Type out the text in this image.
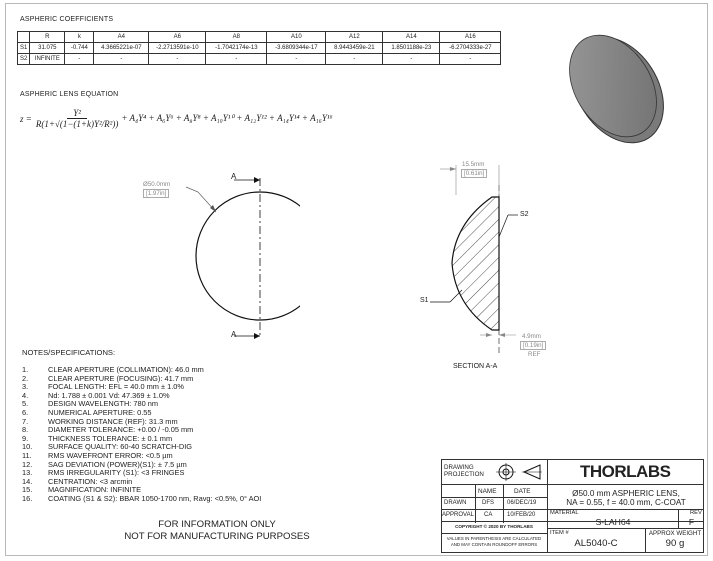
ASPHERIC COEFFICIENTS
	R	k	A4	A6	A8	A10	A12	A14	A16
S1	31.075	-0.744	4.3665221e-07	-2.2713591e-10	-1.7042174e-13	-3.6809344e-17	8.9443459e-21	1.8501188e-23	-6.2704333e-27
S2	INFINITE	-	-	-	-	-	-	-	-
ASPHERIC LENS EQUATION
$z = \frac{\text{Y²}}{\text{R(1+√(1−(1+k)Y²/R²))}} + A_4Y^4 + A_6Y^6 + A_8Y^8 + A_{10}Y^{10} + A_{12}Y^{12} + A_{14}Y^{14} + A_{16}Y^{16}$
A
A
Ø50.0mm
[1.97in]
15.5mm
[0.61in]
4.9mm
[0.19in]
REF
S1
S2
SECTION A-A
NOTES/SPECIFICATIONS:
1.	CLEAR APERTURE (COLLIMATION): 46.0 mm
2.	CLEAR APERTURE (FOCUSING): 41.7 mm
3.	FOCAL LENGTH: EFL = 40.0 mm ± 1.0%
4.	Nd: 1.788 ± 0.001 Vd: 47.369 ± 1.0%
5.	DESIGN WAVELENGTH: 780 nm
6.	NUMERICAL APERTURE: 0.55
7.	WORKING DISTANCE (REF): 31.3 mm
8.	DIAMETER TOLERANCE: +0.00 / -0.05 mm
9.	THICKNESS TOLERANCE: ± 0.1 mm
10.	SURFACE QUALITY: 60-40 SCRATCH-DIG
11.	RMS WAVEFRONT ERROR: <0.5 µm
12.	SAG DEVIATION (POWER)(S1): ± 7.5 µm
13.	RMS IRREGULARITY (S1): <3 FRINGES
14.	CENTRATION: <3 arcmin
15.	MAGNIFICATION: INFINITE
16.	COATING (S1 & S2): BBAR 1050-1700 nm, Ravg: <0.5%, 0° AOI
FOR INFORMATION ONLY
NOT FOR MANUFACTURING PURPOSES
DRAWING PROJECTION	THORLABS
NAME	DATE
DRAWN	DFS 06/DEC/19
APPROVAL CA 10/FEB/20
COPYRIGHT © 2020 BY THORLABS
VALUES IN PARENTHESIS ARE CALCULATED AND MAY CONTAIN ROUNDOFF ERRORS
Ø50.0 mm ASPHERIC LENS,
NA = 0.55, f = 40.0 mm, C-COAT
MATERIAL
S-LAH64
REV
F
ITEM #
AL5040-C
APPROX WEIGHT
90 g
